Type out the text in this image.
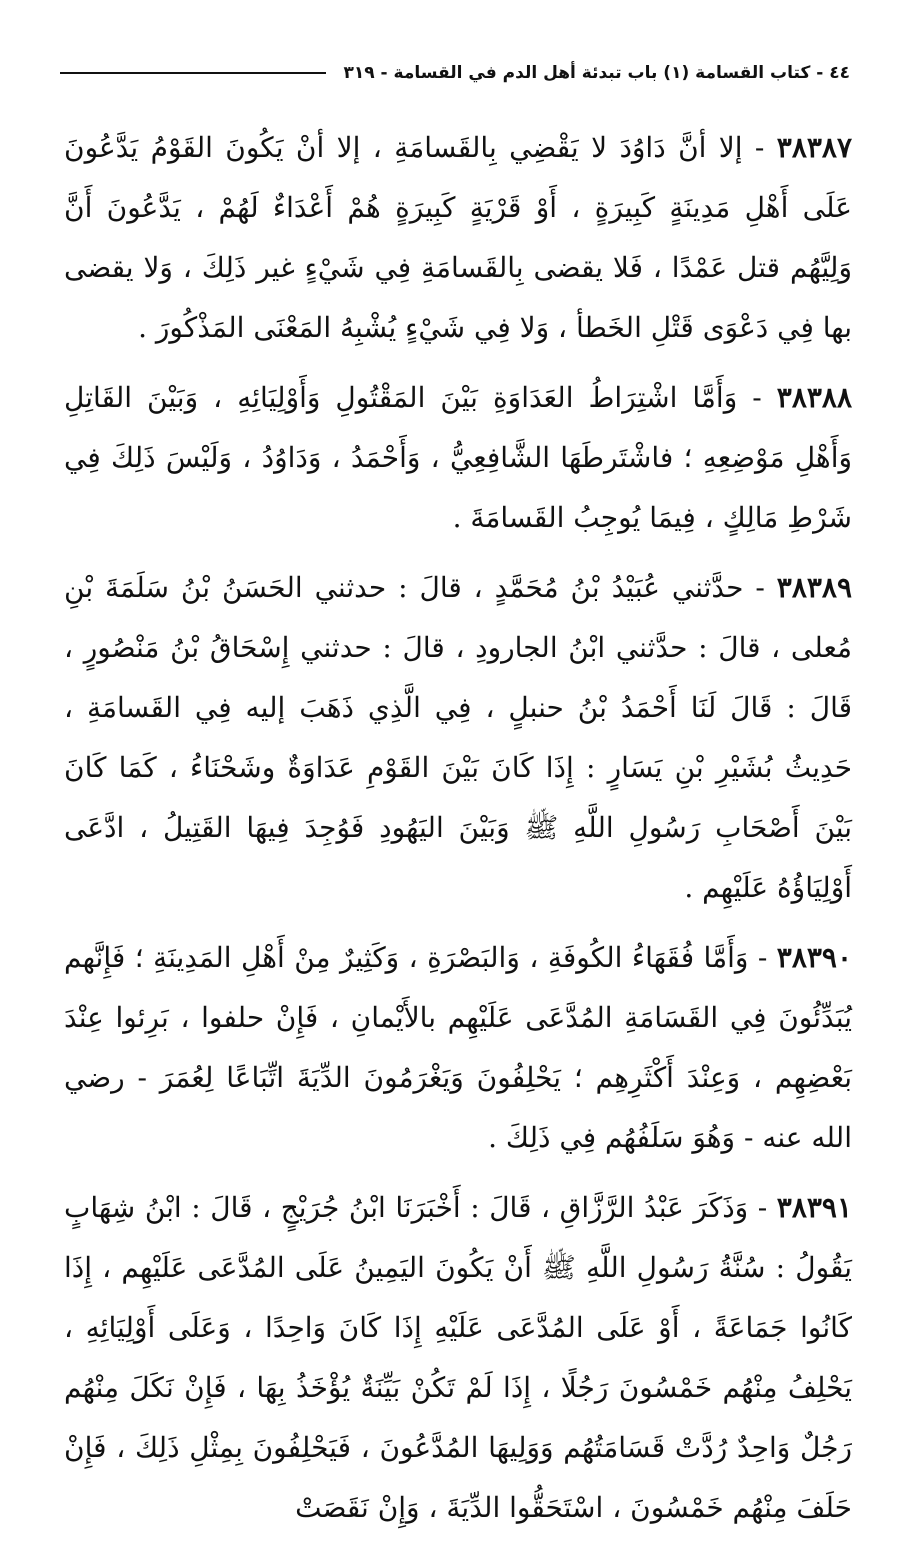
٤٤ - كتاب القسامة (١) باب تبدئة أهل الدم في القسامة - ٣١٩

٣٨٣٨٧ - إلا أنَّ دَاوُدَ لا يَقْضِي بِالقَسامَةِ ، إلا أنْ يَكُونَ القَوْمُ يَدَّعُونَ عَلَى أَهْلِ مَدِينَةٍ كَبِيرَةٍ ، أَوْ قَرْيَةٍ كَبِيرَةٍ هُمْ أَعْدَاءٌ لَهُمْ ، يَدَّعُونَ أَنَّ وَلِيَّهُم قتل عَمْدًا ، فَلا يقضى بِالقَسامَةِ فِي شَيْءٍ غير ذَلِكَ ، وَلا يقضى بها فِي دَعْوَى قَتْلِ الخَطأ ، وَلا فِي شَيْءٍ يُشْبِهُ المَعْنَى المَذْكُورَ .

٣٨٣٨٨ - وَأَمَّا اشْتِرَاطُ العَدَاوَةِ بَيْنَ المَقْتُولِ وَأَوْلِيَائِهِ ، وَبَيْنَ القَاتِلِ وَأَهْلِ مَوْضِعِهِ ؛ فاشْتَرطَهَا الشَّافِعِيُّ ، وَأَحْمَدُ ، وَدَاوُدُ ، وَلَيْسَ ذَلِكَ فِي شَرْطِ مَالِكٍ ، فِيمَا يُوجِبُ القَسامَةَ .

٣٨٣٨٩ - حدَّثني عُبَيْدُ بْنُ مُحَمَّدٍ ، قالَ : حدثني الحَسَنُ بْنُ سَلَمَةَ بْنِ مُعلى ، قالَ : حدَّثني ابْنُ الجارودِ ، قالَ : حدثني إِسْحَاقُ بْنُ مَنْصُورٍ ، قَالَ : قَالَ لَنَا أَحْمَدُ بْنُ حنبلٍ ، فِي الَّذِي ذَهَبَ إليه فِي القَسامَةِ ، حَدِيثُ بُشَيْرِ بْنِ يَسَارٍ : إِذَا كَانَ بَيْنَ القَوْمِ عَدَاوَةٌ وشَحْنَاءُ ، كَمَا كَانَ بَيْنَ أَصْحَابِ رَسُولِ اللَّهِ ﷺ وَبَيْنَ اليَهُودِ فَوُجِدَ فِيهَا القَتِيلُ ، ادَّعَى أَوْلِيَاؤُهُ عَلَيْهِم .

٣٨٣٩٠ - وَأَمَّا فُقَهَاءُ الكُوفَةِ ، وَالبَصْرَةِ ، وَكَثِيرٌ مِنْ أَهْلِ المَدِينَةِ ؛ فَإِنَّهم يُبَدِّئُونَ فِي القَسَامَةِ المُدَّعَى عَلَيْهِم بالأَيْمانِ ، فَإِنْ حلفوا ، بَرِئوا عِنْدَ بَعْضِهِم ، وَعِنْدَ أَكْثَرِهِم ؛ يَحْلِفُونَ وَيَغْرَمُونَ الدِّيَةَ اتِّبَاعًا لِعُمَرَ - رضي الله عنه - وَهُوَ سَلَفُهُم فِي ذَلِكَ .

٣٨٣٩١ - وَذَكَرَ عَبْدُ الرَّزَّاقِ ، قَالَ : أَخْبَرَنَا ابْنُ جُرَيْجٍ ، قَالَ : ابْنُ شِهَابٍ يَقُولُ : سُنَّةُ رَسُولِ اللَّهِ ﷺ أَنْ يَكُونَ اليَمِينُ عَلَى المُدَّعَى عَلَيْهِم ، إِذَا كَانُوا جَمَاعَةً ، أَوْ عَلَى المُدَّعَى عَلَيْهِ إِذَا كَانَ وَاحِدًا ، وَعَلَى أَوْلِيَائِهِ ، يَحْلِفُ مِنْهُم خَمْسُونَ رَجُلًا ، إِذَا لَمْ تَكُنْ بَيِّنَةٌ يُؤْخَذُ بِهَا ، فَإِنْ نَكَلَ مِنْهُم رَجُلٌ وَاحِدٌ رُدَّتْ قَسَامَتُهُم وَوَلِيهَا المُدَّعُونَ ، فَيَحْلِفُونَ بِمِثْلِ ذَلِكَ ، فَإِنْ حَلَفَ مِنْهُم خَمْسُونَ ، اسْتَحَقُّوا الدِّيَةَ ، وَإِنْ نَقَصَتْ
